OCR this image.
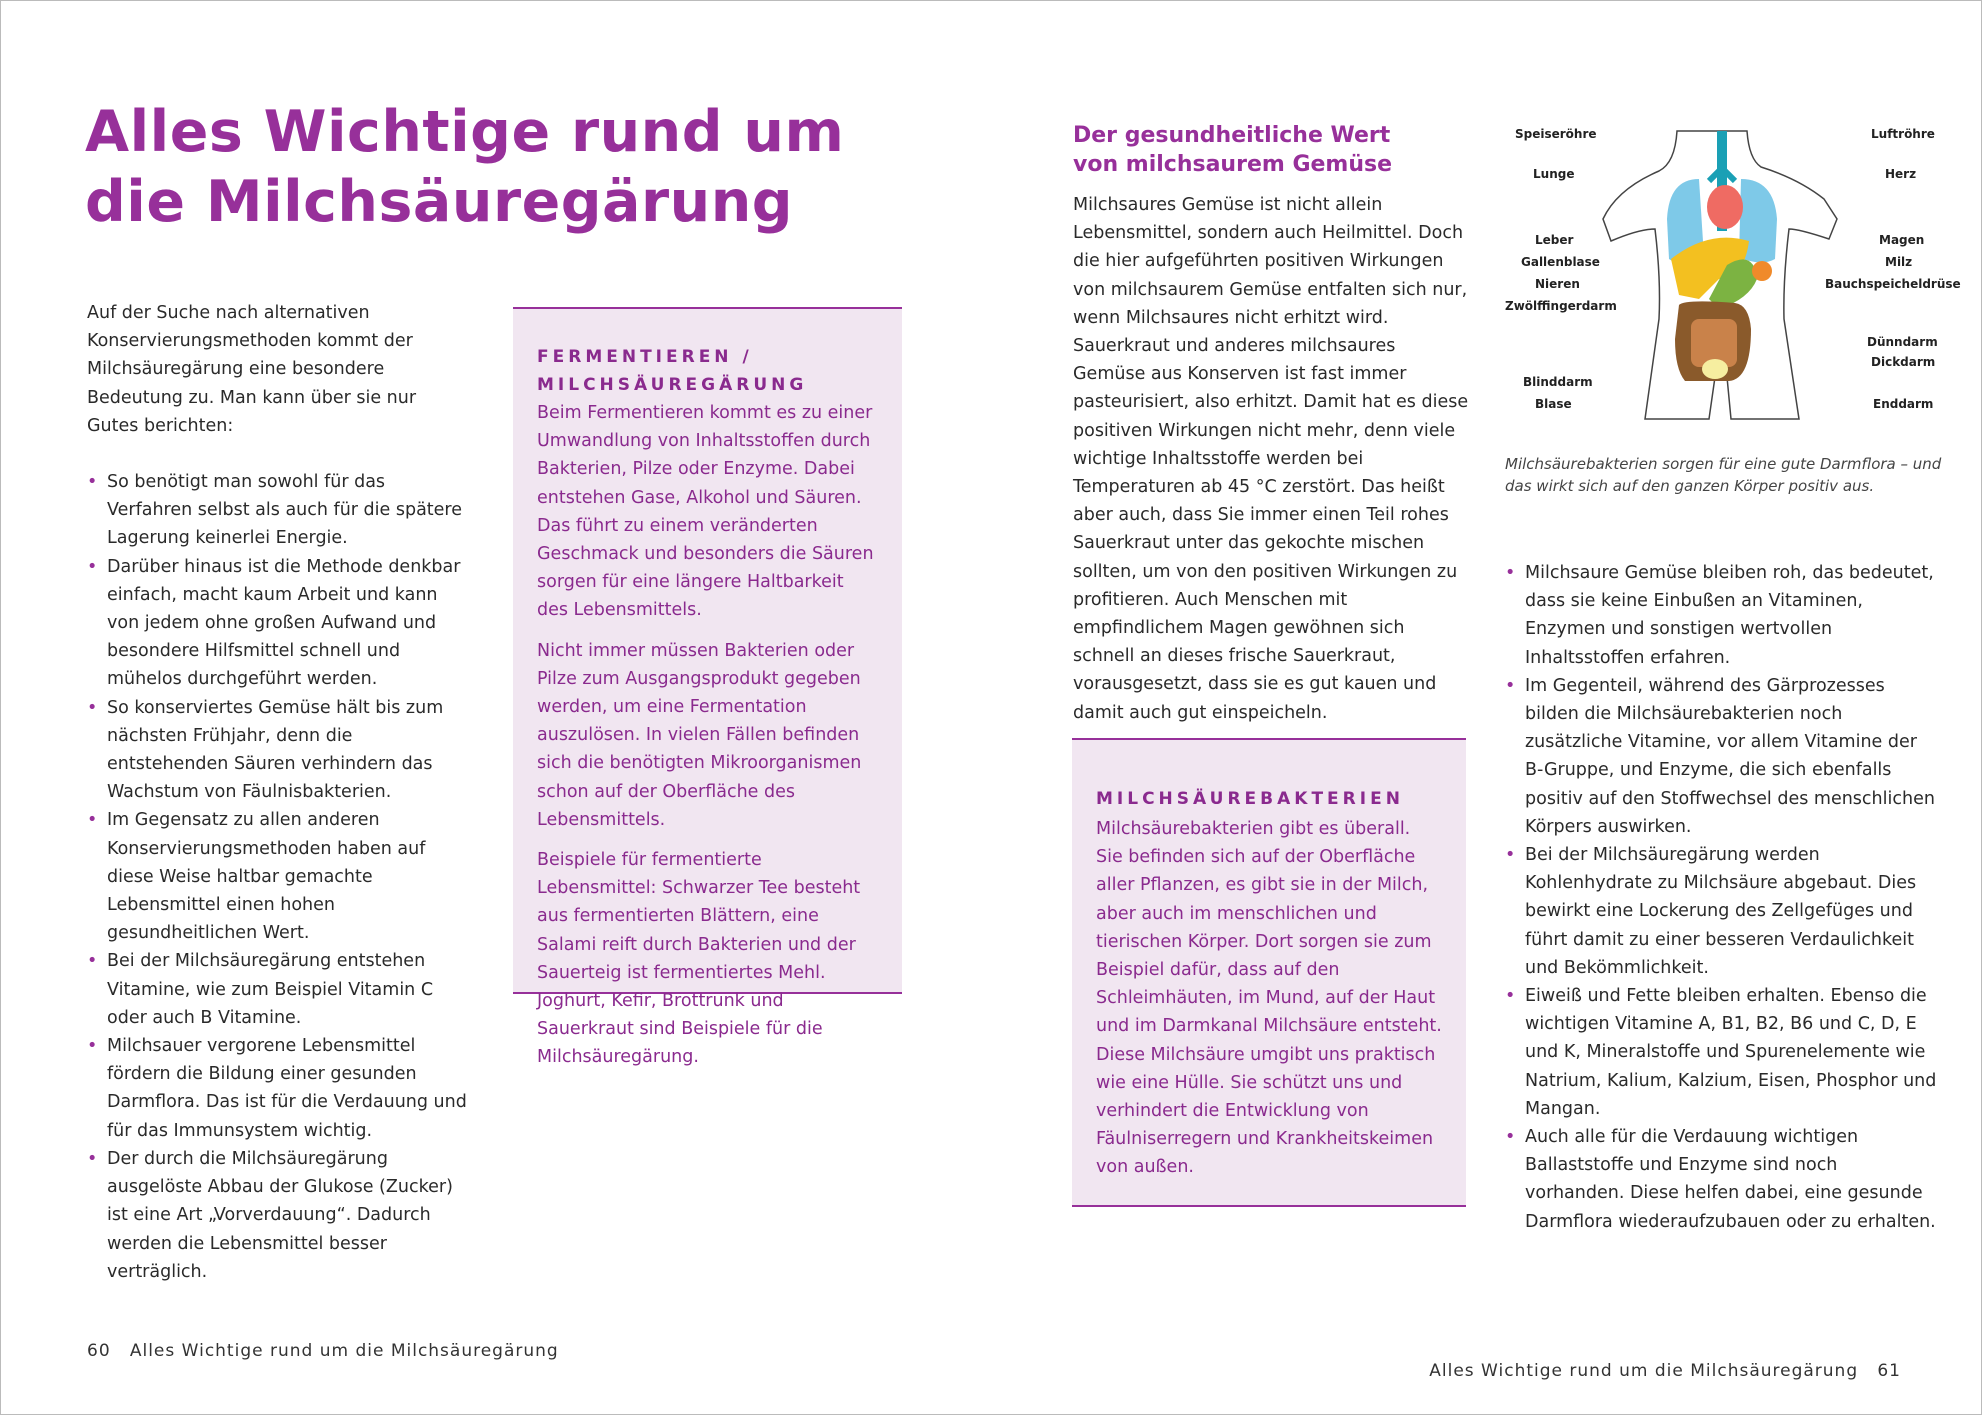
Alles Wichtige rund um
die Milchsäuregärung

Auf der Suche nach alternativen Konservierungsmethoden kommt der Milchsäuregärung eine besondere Bedeutung zu. Man kann über sie nur Gutes berichten:

• So benötigt man sowohl für das Verfahren selbst als auch für die spätere Lagerung keinerlei Energie.
• Darüber hinaus ist die Methode denkbar einfach, macht kaum Arbeit und kann von jedem ohne großen Aufwand und besondere Hilfsmittel schnell und mühelos durchgeführt werden.
• So konserviertes Gemüse hält bis zum nächsten Frühjahr, denn die entstehenden Säuren verhindern das Wachstum von Fäulnisbakterien.
• Im Gegensatz zu allen anderen Konservierungsmethoden haben auf diese Weise haltbar gemachte Lebensmittel einen hohen gesundheitlichen Wert.
• Bei der Milchsäuregärung entstehen Vitamine, wie zum Beispiel Vitamin C oder auch B Vitamine.
• Milchsauer vergorene Lebensmittel fördern die Bildung einer gesunden Darmflora. Das ist für die Verdauung und für das Immunsystem wichtig.
• Der durch die Milchsäuregärung ausgelöste Abbau der Glukose (Zucker) ist eine Art „Vorverdauung“. Dadurch werden die Lebensmittel besser verträglich.
FERMENTIEREN /
MILCHSÄUREGÄRUNG

Beim Fermentieren kommt es zu einer Umwandlung von Inhaltsstoffen durch Bakterien, Pilze oder Enzyme. Dabei entstehen Gase, Alkohol und Säuren. Das führt zu einem veränderten Geschmack und besonders die Säuren sorgen für eine längere Haltbarkeit des Lebensmittels.

Nicht immer müssen Bakterien oder Pilze zum Ausgangsprodukt gegeben werden, um eine Fermentation auszulösen. In vielen Fällen befinden sich die benötigten Mikroorganismen schon auf der Oberfläche des Lebensmittels.

Beispiele für fermentierte Lebensmittel: Schwarzer Tee besteht aus fermentierten Blättern, eine Salami reift durch Bakterien und der Sauerteig ist fermentiertes Mehl. Joghurt, Kefir, Brottrunk und Sauerkraut sind Beispiele für die Milchsäuregärung.

60 Alles Wichtige rund um die Milchsäuregärung
Der gesundheitliche Wert
von milchsaurem Gemüse

Milchsaures Gemüse ist nicht allein Lebensmittel, sondern auch Heilmittel. Doch die hier aufgeführten positiven Wirkungen von milchsaurem Gemüse entfalten sich nur, wenn Milchsaures nicht erhitzt wird. Sauerkraut und anderes milchsaures Gemüse aus Konserven ist fast immer pasteurisiert, also erhitzt. Damit hat es diese positiven Wirkungen nicht mehr, denn viele wichtige Inhaltsstoffe werden bei Temperaturen ab 45 °C zerstört. Das heißt aber auch, dass Sie immer einen Teil rohes Sauerkraut unter das gekochte mischen sollten, um von den positiven Wirkungen zu profitieren. Auch Menschen mit empfindlichem Magen gewöhnen sich schnell an dieses frische Sauerkraut, vorausgesetzt, dass sie es gut kauen und damit auch gut einspeicheln.

MILCHSÄUREBAKTERIEN

Milchsäurebakterien gibt es überall. Sie befinden sich auf der Oberfläche aller Pflanzen, es gibt sie in der Milch, aber auch im menschlichen und tierischen Körper. Dort sorgen sie zum Beispiel dafür, dass auf den Schleimhäuten, im Mund, auf der Haut und im Darmkanal Milchsäure entsteht. Diese Milchsäure umgibt uns praktisch wie eine Hülle. Sie schützt uns und verhindert die Entwicklung von Fäulniserregern und Krankheitskeimen von außen.

Speiseröhre
Lunge
Leber
Gallenblase
Nieren
Zwölffingerdarm
Blinddarm
Blase
Luftröhre
Herz
Magen
Milz
Bauchspeicheldrüse
Dünndarm
Dickdarm
Enddarm

Milchsäurebakterien sorgen für eine gute Darmflora – und das wirkt sich auf den ganzen Körper positiv aus.

• Milchsaure Gemüse bleiben roh, das bedeutet, dass sie keine Einbußen an Vitaminen, Enzymen und sonstigen wertvollen Inhaltsstoffen erfahren.
• Im Gegenteil, während des Gärprozesses bilden die Milchsäurebakterien noch zusätzliche Vitamine, vor allem Vitamine der B-Gruppe, und Enzyme, die sich ebenfalls positiv auf den Stoffwechsel des menschlichen Körpers auswirken.
• Bei der Milchsäuregärung werden Kohlenhydrate zu Milchsäure abgebaut. Dies bewirkt eine Lockerung des Zellgefüges und führt damit zu einer besseren Verdaulichkeit und Bekömmlichkeit.
• Eiweiß und Fette bleiben erhalten. Ebenso die wichtigen Vitamine A, B1, B2, B6 und C, D, E und K, Mineralstoffe und Spurenelemente wie Natrium, Kalium, Kalzium, Eisen, Phosphor und Mangan.
• Auch alle für die Verdauung wichtigen Ballaststoffe und Enzyme sind noch vorhanden. Diese helfen dabei, eine gesunde Darmflora wiederaufzubauen oder zu erhalten.
Alles Wichtige rund um die Milchsäuregärung 61
